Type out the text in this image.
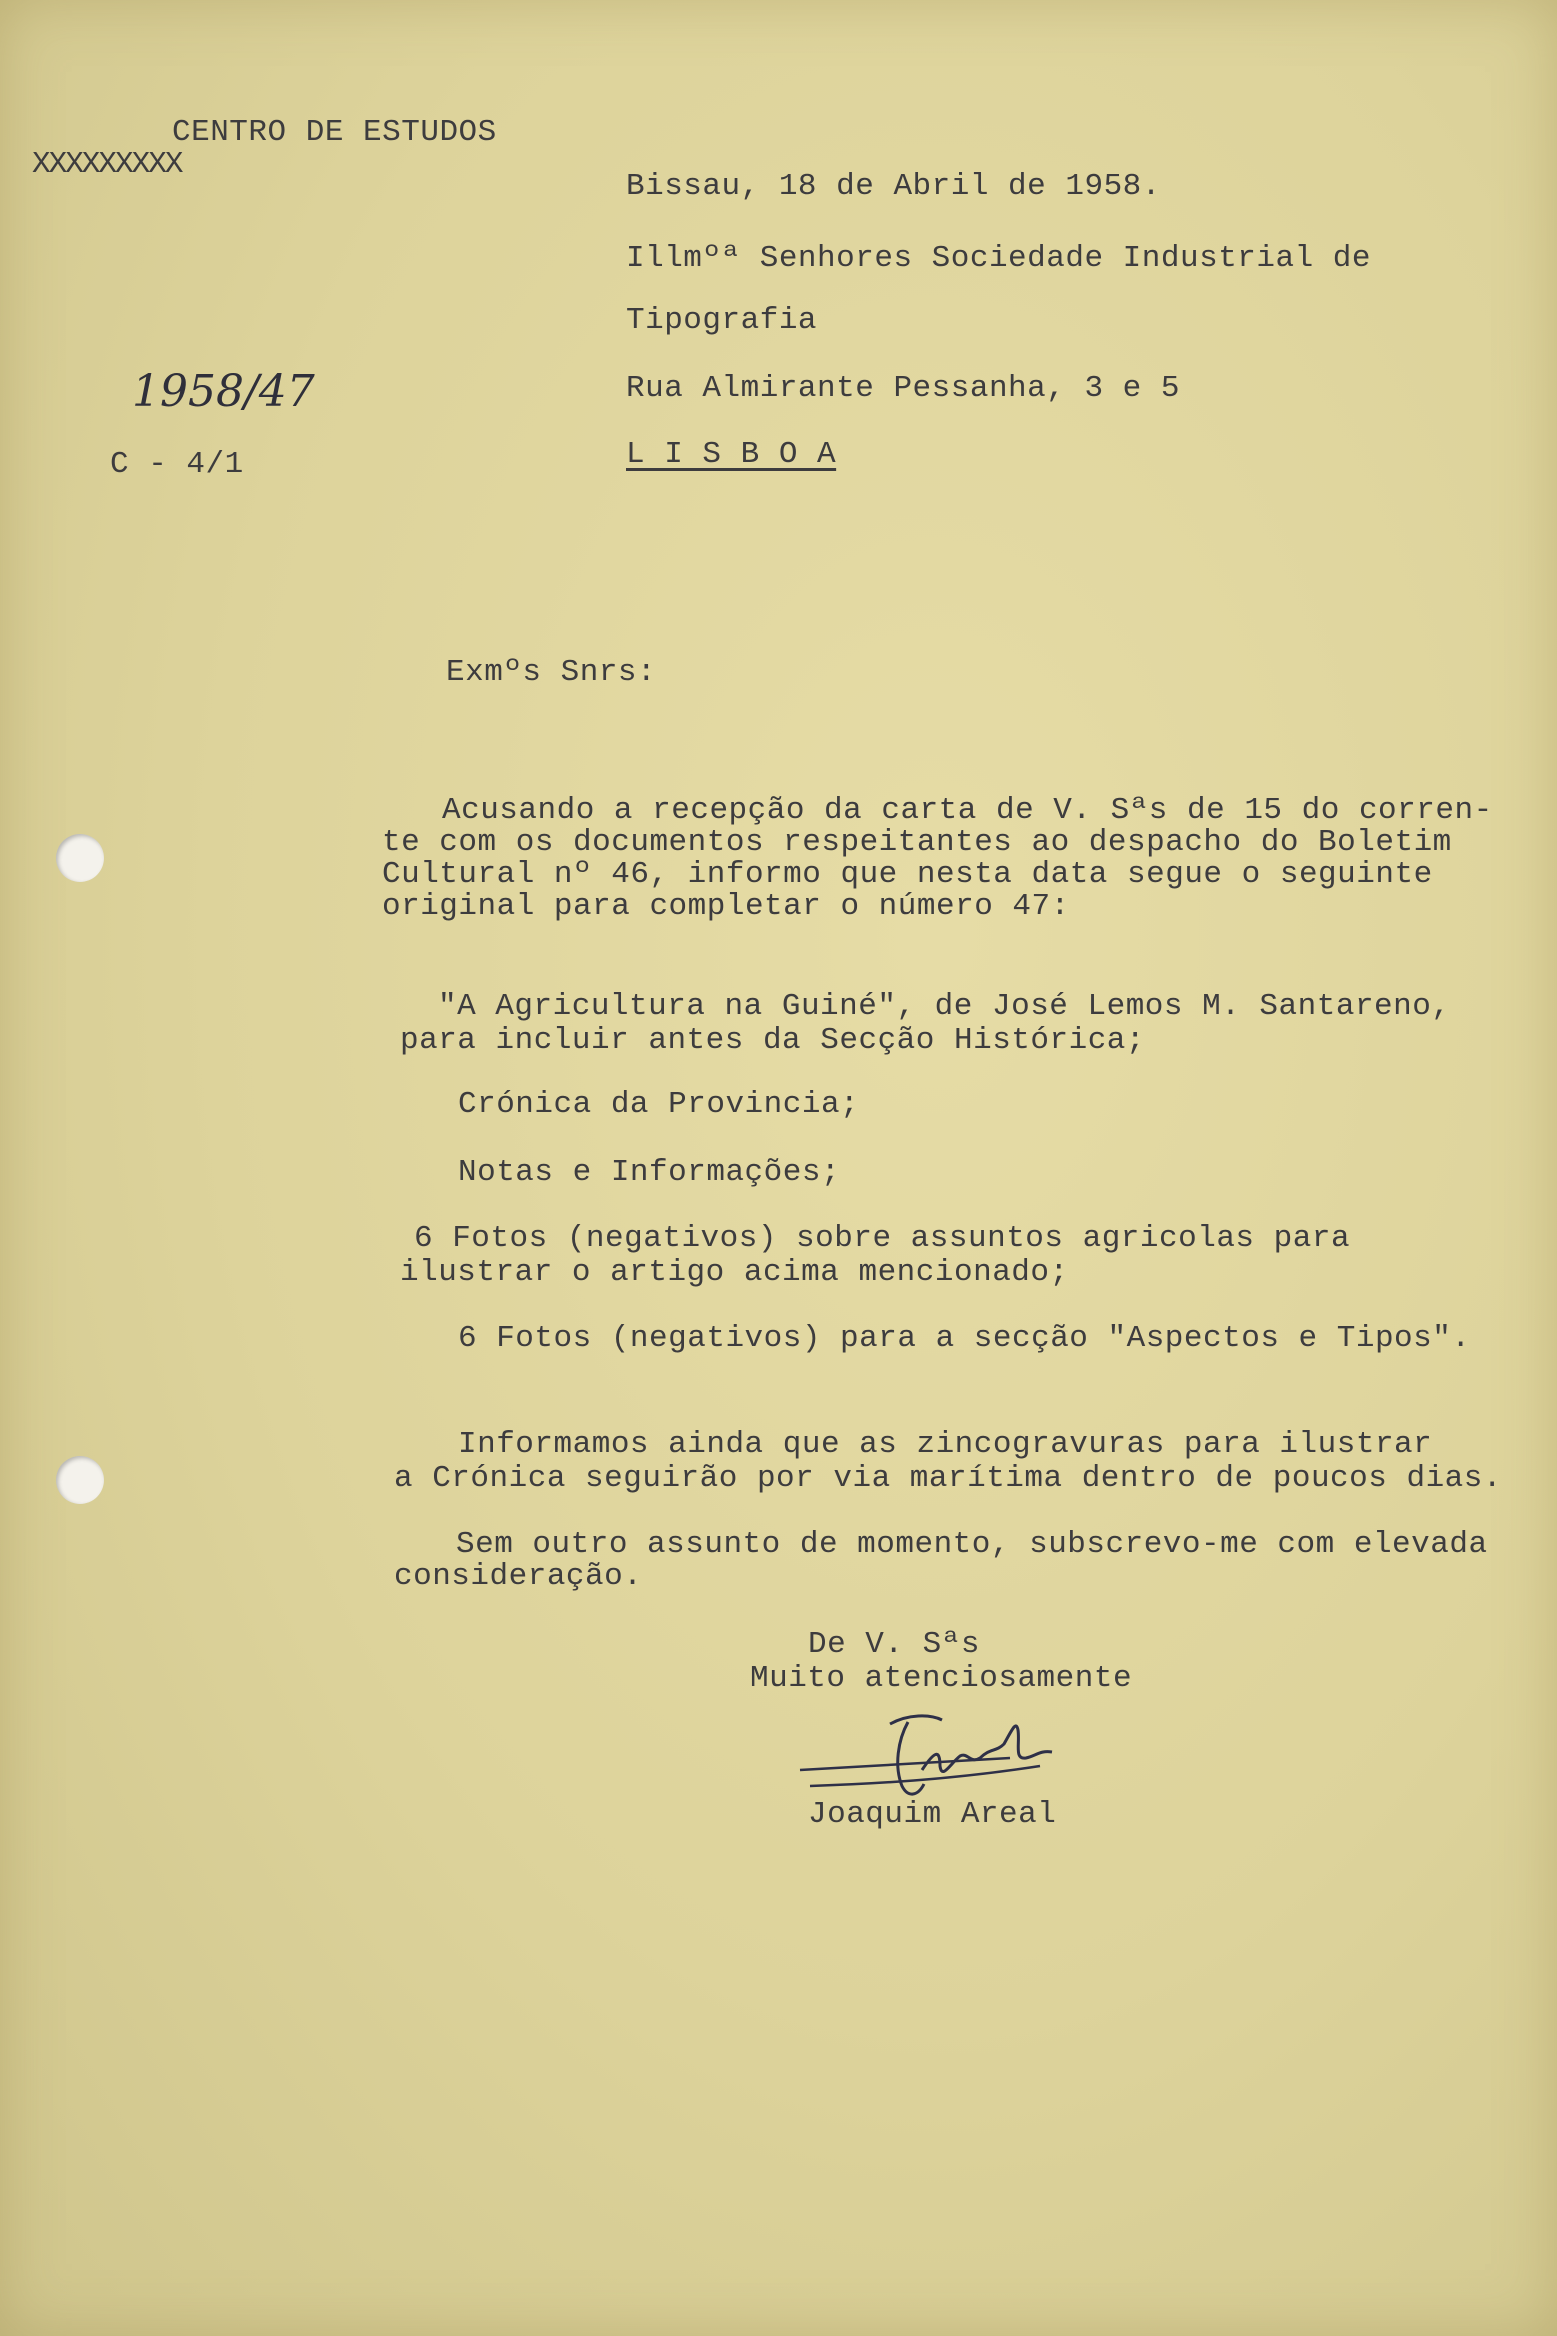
CENTRO DE ESTUDOS
XXXXXXXXX
1958/47
C - 4/1
Bissau, 18 de Abril de 1958.
Illmºª Senhores Sociedade Industrial de
Tipografia
Rua Almirante Pessanha, 3 e 5
L I S B O A
Exmºs Snrs:
Acusando a recepção da carta de V. Sªs de 15 do corren-
te com os documentos respeitantes ao despacho do Boletim
Cultural nº 46, informo que nesta data segue o seguinte
original para completar o número 47:
"A Agricultura na Guiné", de José Lemos M. Santareno,
para incluir antes da Secção Histórica;
Crónica da Provincia;
Notas e Informações;
6 Fotos (negativos) sobre assuntos agricolas para
ilustrar o artigo acima mencionado;
6 Fotos (negativos) para a secção "Aspectos e Tipos".
Informamos ainda que as zincogravuras para ilustrar
a Crónica seguirão por via marítima dentro de poucos dias.
Sem outro assunto de momento, subscrevo-me com elevada
consideração.
De V. Sªs
Muito atenciosamente
Joaquim Areal
